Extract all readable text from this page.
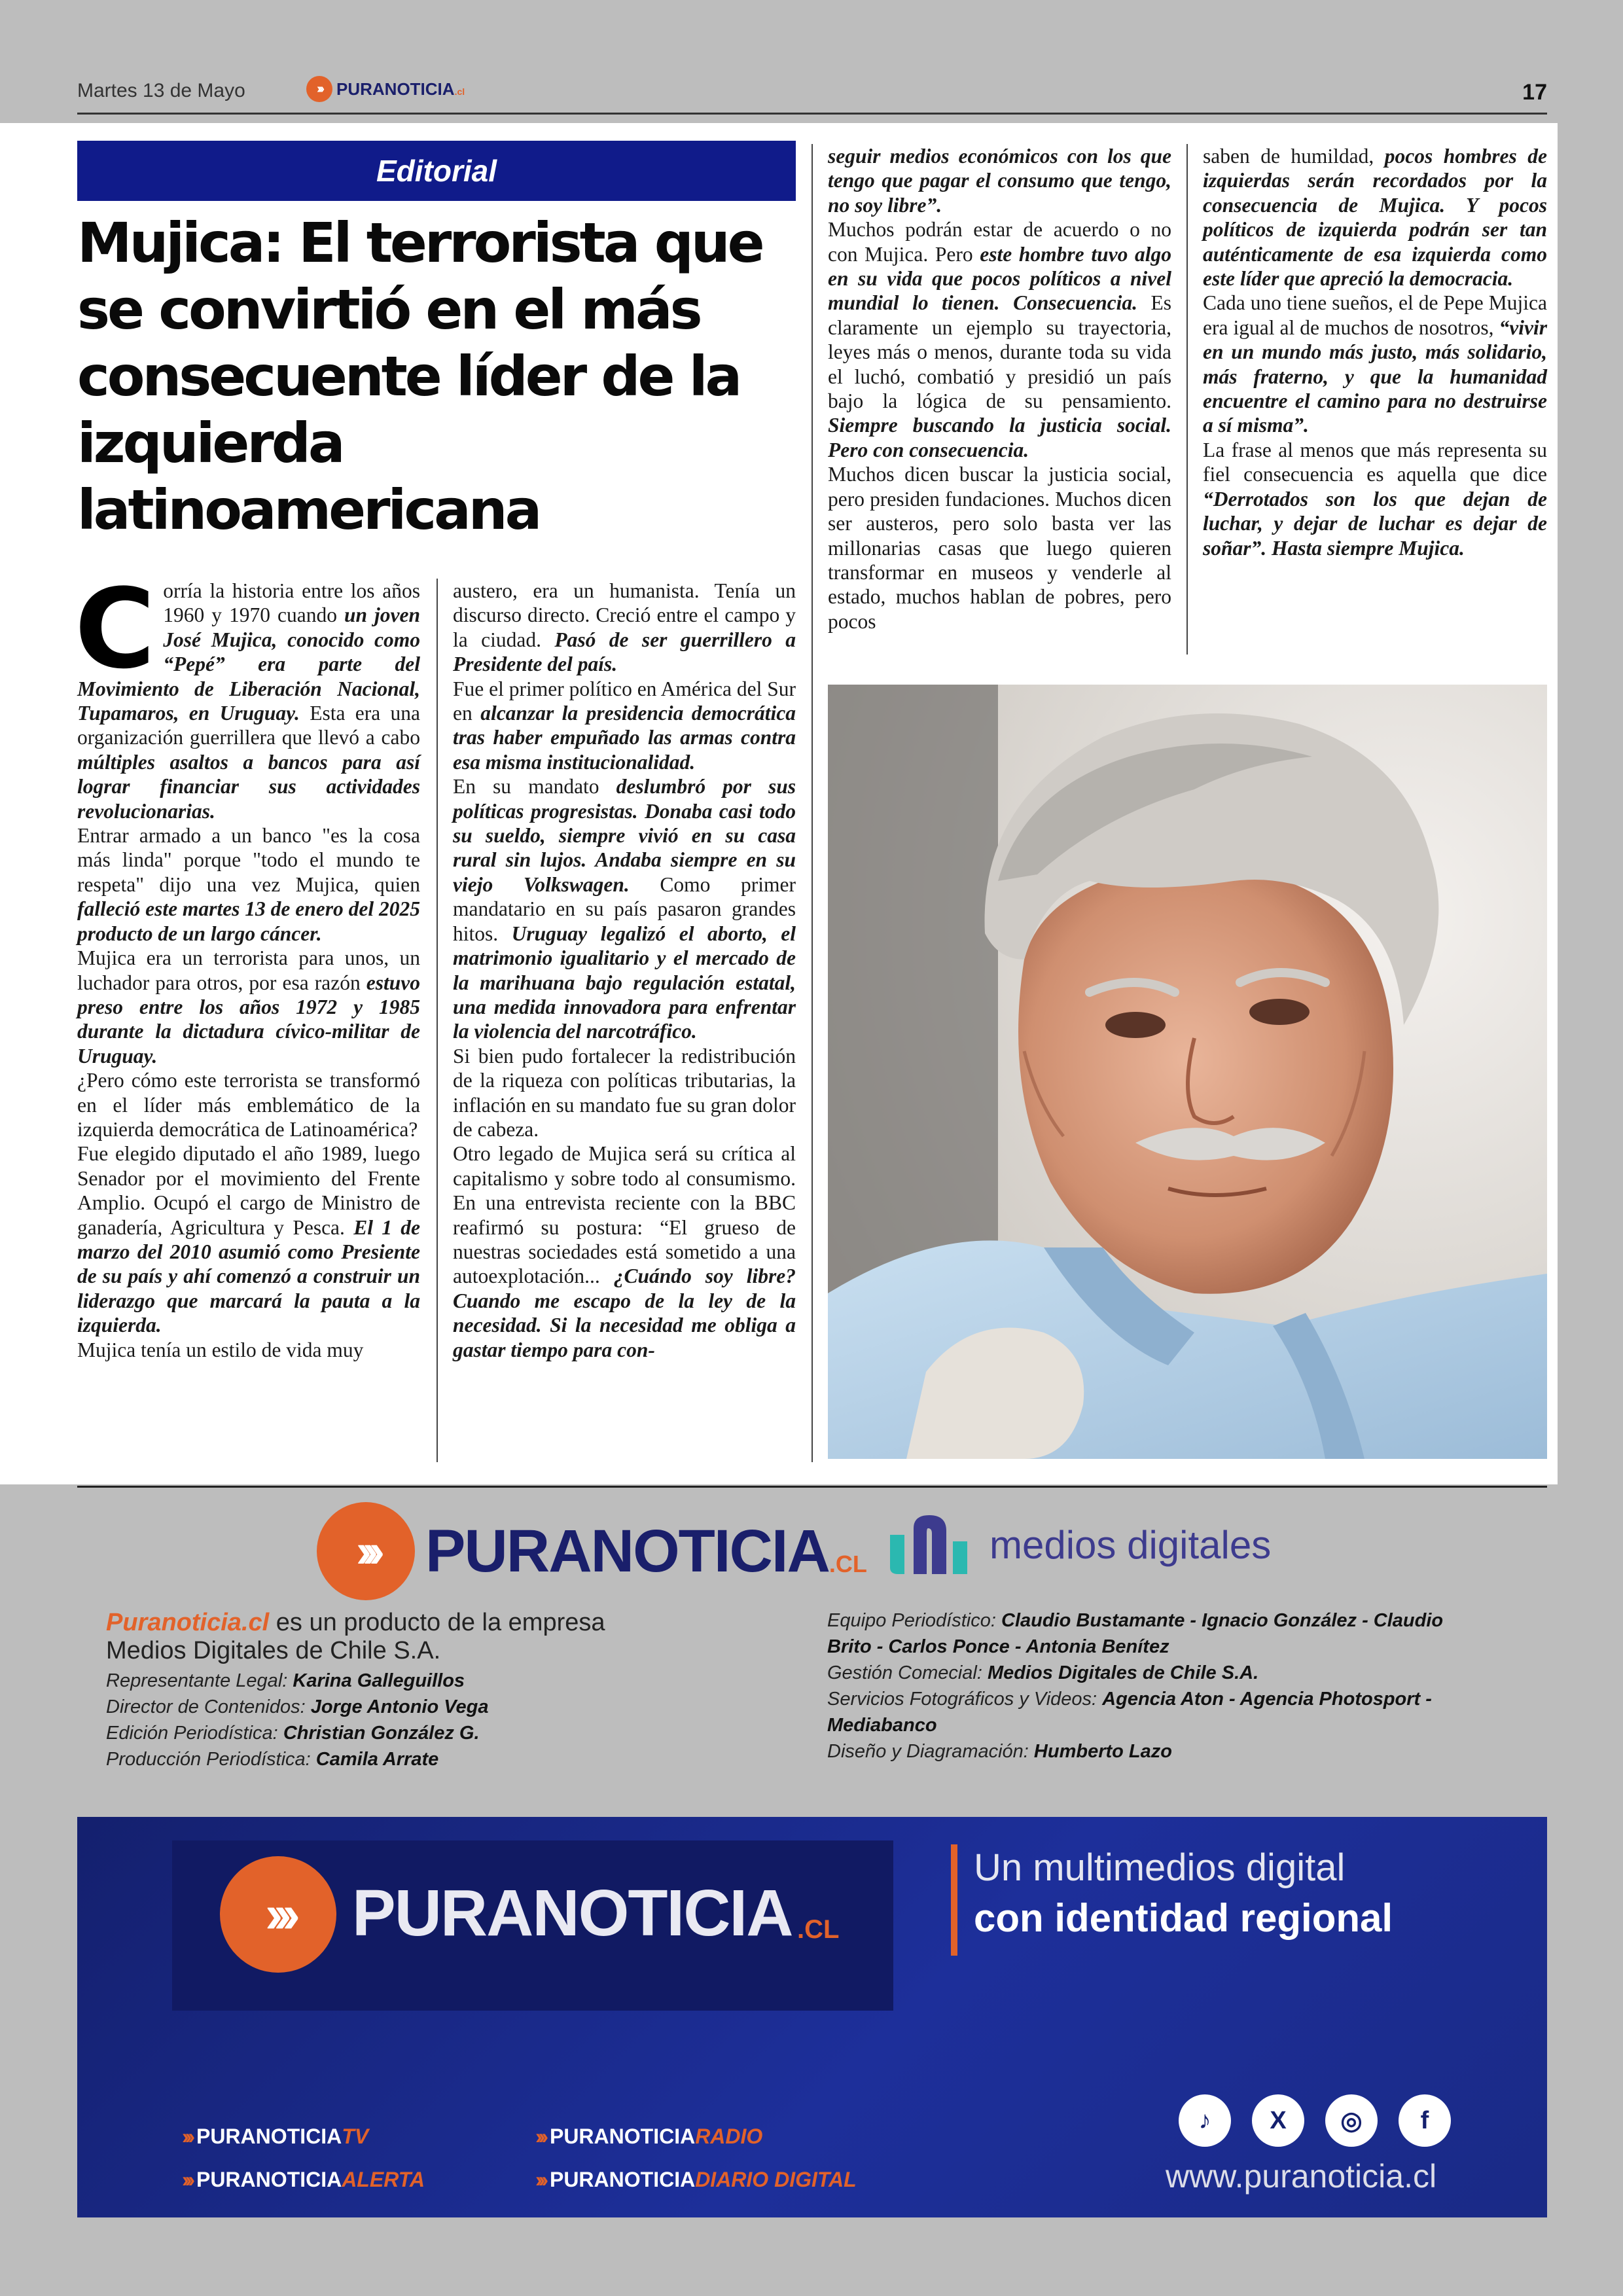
Martes 13 de Mayo	››› PURANOTICIA .cl	17
Editorial
Mujica: El terrorista que se convirtió en el más consecuente líder de la izquierda latinoamericana

Corría la historia entre los años 1960 y 1970 cuando un joven José Mujica, conocido como “Pepé” era parte del Movimiento de Liberación Nacional, Tupamaros, en Uruguay. Esta era una organización guerrillera que llevó a cabo múltiples asaltos a bancos para así lograr financiar sus actividades revolucionarias.

Entrar armado a un banco "es la cosa más linda" porque "todo el mundo te respeta" dijo una vez Mujica, quien falleció este martes 13 de enero del 2025 producto de un largo cáncer.

Mujica era un terrorista para unos, un luchador para otros, por esa razón estuvo preso entre los años 1972 y 1985 durante la dictadura cívico-militar de Uruguay.

¿Pero cómo este terrorista se transformó en el líder más emblemático de la izquierda democrática de Latinoamérica?

Fue elegido diputado el año 1989, luego Senador por el movimiento del Frente Amplio. Ocupó el cargo de Ministro de ganadería, Agricultura y Pesca. El 1 de marzo del 2010 asumió como Presiente de su país y ahí comenzó a construir un liderazgo que marcará la pauta a la izquierda.

Mujica tenía un estilo de vida muy

austero, era un humanista. Tenía un discurso directo. Creció entre el campo y la ciudad. Pasó de ser guerrillero a Presidente del país.

Fue el primer político en América del Sur en alcanzar la presidencia democrática tras haber empuñado las armas contra esa misma institucionalidad.

En su mandato deslumbró por sus políticas progresistas. Donaba casi todo su sueldo, siempre vivió en su casa rural sin lujos. Andaba siempre en su viejo Volkswagen. Como primer mandatario en su país pasaron grandes hitos. Uruguay legalizó el aborto, el matrimonio igualitario y el mercado de la marihuana bajo regulación estatal, una medida innovadora para enfrentar la violencia del narcotráfico.

Si bien pudo fortalecer la redistribución de la riqueza con políticas tributarias, la inflación en su mandato fue su gran dolor de cabeza.

Otro legado de Mujica será su crítica al capitalismo y sobre todo al consumismo. En una entrevista reciente con la BBC reafirmó su postura: “El grueso de nuestras sociedades está sometido a una autoexplotación... ¿Cuándo soy libre? Cuando me escapo de la ley de la necesidad. Si la necesidad me obliga a gastar tiempo para con-

seguir medios económicos con los que tengo que pagar el consumo que tengo, no soy libre”.

Muchos podrán estar de acuerdo o no con Mujica. Pero este hombre tuvo algo en su vida que pocos políticos a nivel mundial lo tienen. Consecuencia. Es claramente un ejemplo su trayectoria, leyes más o menos, durante toda su vida el luchó, combatió y presidió un país bajo la lógica de su pensamiento. Siempre buscando la justicia social. Pero con consecuencia.

Muchos dicen buscar la justicia social, pero presiden fundaciones. Muchos dicen ser austeros, pero solo basta ver las millonarias casas que luego quieren transformar en museos y venderle al estado, muchos hablan de pobres, pero pocos

saben de humildad, pocos hombres de izquierdas serán recordados por la consecuencia de Mujica. Y pocos políticos de izquierda podrán ser tan auténticamente de esa izquierda como este líder que apreció la democracia.

Cada uno tiene sueños, el de Pepe Mujica era igual al de muchos de nosotros, “vivir en un mundo más justo, más solidario, más fraterno, y que la humanidad encuentre el camino para no destruirse a sí misma”.

La frase al menos que más representa su fiel consecuencia es aquella que dice “Derrotados son los que dejan de luchar, y dejar de luchar es dejar de soñar”. Hasta siempre Mujica.

››› PURANOTICIA .CL	medios digitales
Puranoticia.cl es un producto de la empresa
Medios Digitales de Chile S.A.
Representante Legal: Karina Galleguillos
Director de Contenidos: Jorge Antonio Vega
Edición Periodística: Christian González G.
Producción Periodística: Camila Arrate
Equipo Periodístico: Claudio Bustamante - Ignacio González - Claudio Brito - Carlos Ponce - Antonia Benítez
Gestión Comecial: Medios Digitales de Chile S.A.
Servicios Fotográficos y Videos: Agencia Aton - Agencia Photosport - Mediabanco
Diseño y Diagramación: Humberto Lazo
››› PURANOTICIA .CL
Un multimedios digital
con identidad regional
››› PURANOTICIATV	››› PURANOTICIARADIO
››› PURANOTICIAALERTA	››› PURANOTICIADIARIO DIGITAL
♪	X	◎	f
www.puranoticia.cl
